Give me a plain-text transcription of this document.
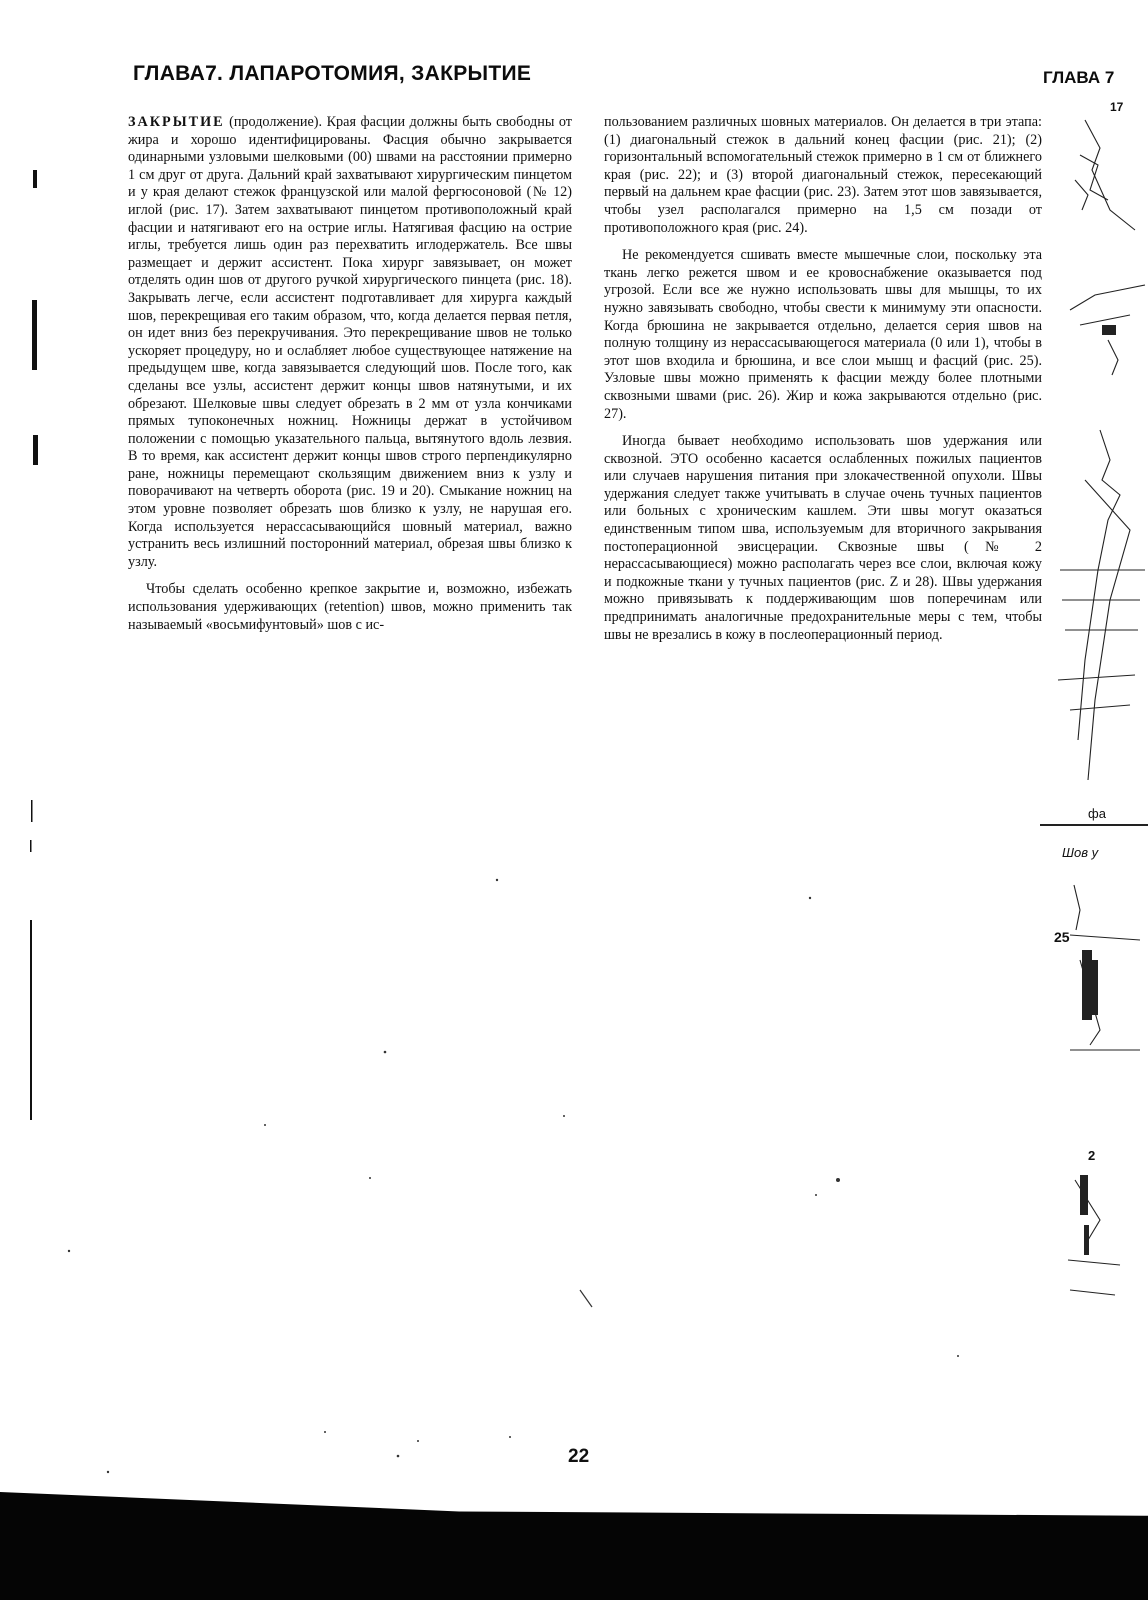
ГЛАВА7. ЛАПАРОТОМИЯ, ЗАКРЫТИЕ	ГЛАВА 7

ЗАКРЫТИЕ (продолжение). Края фасции должны быть свободны от жира и хорошо идентифицированы. Фасция обычно закрывается одинарными узловыми шелковыми (00) швами на расстоянии примерно 1 см друг от друга. Дальний край захватывают хирургическим пинцетом и у края делают стежок французской или малой фергюсоновой (№ 12) иглой (рис. 17). Затем захватывают пинцетом противоположный край фасции и натягивают его на острие иглы. Натягивая фасцию на острие иглы, требуется лишь один раз перехватить иглодержатель. Все швы размещает и держит ассистент. Пока хирург завязывает, он может отделять один шов от другого ручкой хирургического пинцета (рис. 18). Закрывать легче, если ассистент подготавливает для хирурга каждый шов, перекрещивая его таким образом, что, когда делается первая петля, он идет вниз без перекручивания. Это перекрещивание швов не только ускоряет процедуру, но и ослабляет любое существующее натяжение на предыдущем шве, когда завязывается следующий шов. После того, как сделаны все узлы, ассистент держит концы швов натянутыми, и их обрезают. Шелковые швы следует обрезать в 2 мм от узла кончиками прямых тупоконечных ножниц. Ножницы держат в устойчивом положении с помощью указательного пальца, вытянутого вдоль лезвия. В то время, как ассистент держит концы швов строго перпендикулярно ране, ножницы перемещают скользящим движением вниз к узлу и поворачивают на четверть оборота (рис. 19 и 20). Смыкание ножниц на этом уровне позволяет обрезать шов близко к узлу, не нарушая его. Когда используется нерассасывающийся шовный материал, важно устранить весь излишний посторонний материал, обрезая швы близко к узлу.

Чтобы сделать особенно крепкое закрытие и, возможно, избежать использования удерживающих (retention) швов, можно применить так называемый «восьмифунтовый» шов с ис-

пользованием различных шовных материалов. Он делается в три этапа: (1) диагональный стежок в дальний конец фасции (рис. 21); (2) горизонтальный вспомогательный стежок примерно в 1 см от ближнего края (рис. 22); и (3) второй диагональный стежок, пересекающий первый на дальнем крае фасции (рис. 23). Затем этот шов завязывается, чтобы узел располагался примерно на 1,5 см позади от противоположного края (рис. 24).

Не рекомендуется сшивать вместе мышечные слои, поскольку эта ткань легко режется швом и ее кровоснабжение оказывается под угрозой. Если все же нужно использовать швы для мышцы, то их нужно завязывать свободно, чтобы свести к минимуму эти опасности. Когда брюшина не закрывается отдельно, делается серия швов на полную толщину из нерассасывающегося материала (0 или 1), чтобы в этот шов входила и брюшина, и все слои мышц и фасций (рис. 25). Узловые швы можно применять к фасции между более плотными сквозными швами (рис. 26). Жир и кожа закрываются отдельно (рис. 27).

Иногда бывает необходимо использовать шов удержания или сквозной. ЭТО особенно касается ослабленных пожилых пациентов или случаев нарушения питания при злокачественной опухоли. Швы удержания следует также учитывать в случае очень тучных пациентов или больных с хроническим кашлем. Эти швы могут оказаться единственным типом шва, используемым для вторичного закрывания постоперационной эвисцерации. Сквозные швы (№ 2 нерассасывающиеся) можно располагать через все слои, включая кожу и подкожные ткани у тучных пациентов (рис. Z и 28). Швы удержания можно привязывать к поддерживающим шов поперечинам или предпринимать аналогичные предохранительные меры с тем, чтобы швы не врезались в кожу в послеоперационный период.

17
фа
Шов у
25
2
22
